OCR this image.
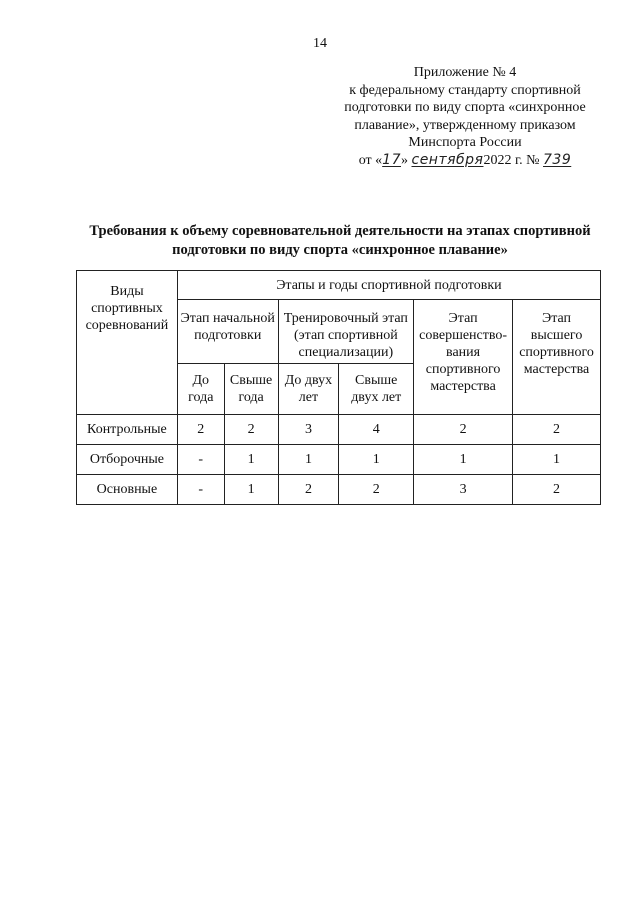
14
Приложение № 4
к федеральному стандарту спортивной
подготовки по виду спорта «синхронное
плавание», утвержденному приказом
Минспорта России
от «17» сентября2022 г. № 739
Требования к объему соревновательной деятельности на этапах спортивной подготовки по виду спорта «синхронное плавание»
Виды спортивных соревнований	Этапы и годы спортивной подготовки					
	Этап начальной подготовки		Тренировочный этап (этап спортивной специализации)		Этап совершенство-вания спортивного мастерства	Этап высшего спортивного мастерства
	До года	Свыше года	До двух лет	Свыше двух лет		
Контрольные	2	2	3	4	2	2
Отборочные	-	1	1	1	1	1
Основные	-	1	2	2	3	2
